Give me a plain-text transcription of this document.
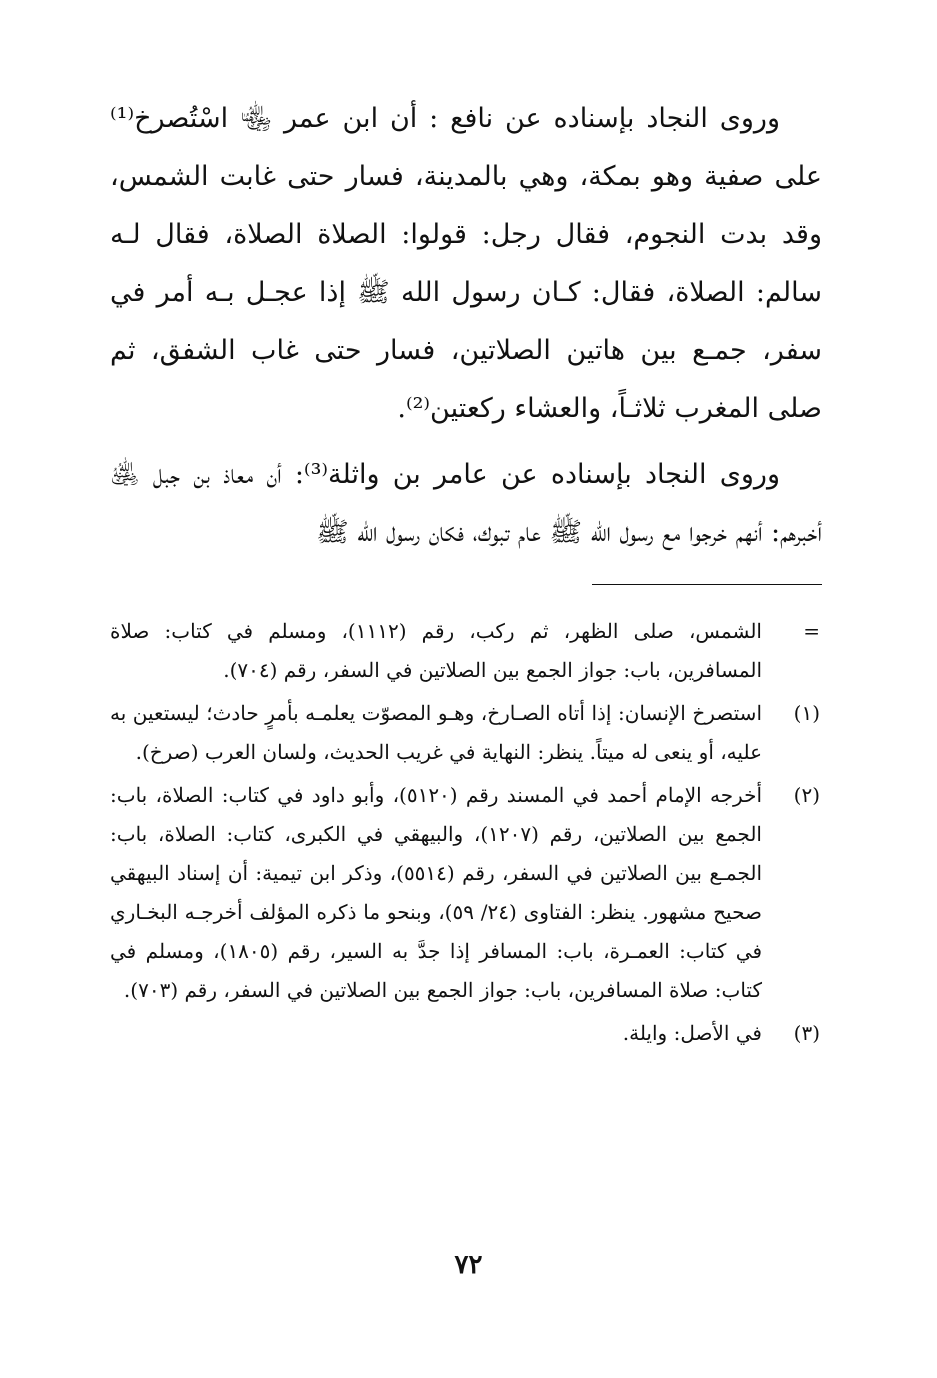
وروى النجاد بإسناده عن نافع : أن ابن عمر ﵄ اسْتُصرخ⁽¹⁾ على صفية وهو بمكة، وهي بالمدينة، فسار حتى غابت الشمس، وقد بدت النجوم، فقال رجل: قولوا: الصلاة الصلاة، فقال لـه سالم: الصلاة، فقال: كـان رسول الله ﷺ إذا عجـل بـه أمر في سفر، جمـع بين هاتين الصلاتين، فسار حتى غاب الشفق، ثم صلى المغرب ثلاثـاً، والعشاء ركعتين⁽²⁾.

وروى النجاد بإسناده عن عامر بن واثلة⁽³⁾: أن معاذ بن جبل ﵁ أخبرهم: أنهم خرجوا مع رسول الله ﷺ عام تبوك، فكان رسول الله ﷺ

=
الشمس، صلى الظهر، ثم ركب، رقم (١١١٢)، ومسلم في كتاب: صلاة المسافرين، باب: جواز الجمع بين الصلاتين في السفر، رقم (٧٠٤).
(١)
استصرخ الإنسان: إذا أتاه الصـارخ، وهـو المصوّت يعلمـه بأمرٍ حادث؛ ليستعين به عليه، أو ينعى له ميتاً. ينظر: النهاية في غريب الحديث، ولسان العرب (صرخ).
(٢)
أخرجه الإمام أحمد في المسند رقم (٥١٢٠)، وأبو داود في كتاب: الصلاة، باب: الجمع بين الصلاتين، رقم (١٢٠٧)، والبيهقي في الكبرى، كتاب: الصلاة، باب: الجمـع بين الصلاتين في السفر، رقم (٥٥١٤)، وذكر ابن تيمية: أن إسناد البيهقي صحيح مشهور. ينظر: الفتاوى (٢٤/ ٥٩)، وبنحو ما ذكره المؤلف أخرجـه البخـاري في كتاب: العمـرة، باب: المسافر إذا جدَّ به السير، رقم (١٨٠٥)، ومسلم في كتاب: صلاة المسافرين، باب: جواز الجمع بين الصلاتين في السفر، رقم (٧٠٣).
(٣)
في الأصل: وايلة.
٧٢
